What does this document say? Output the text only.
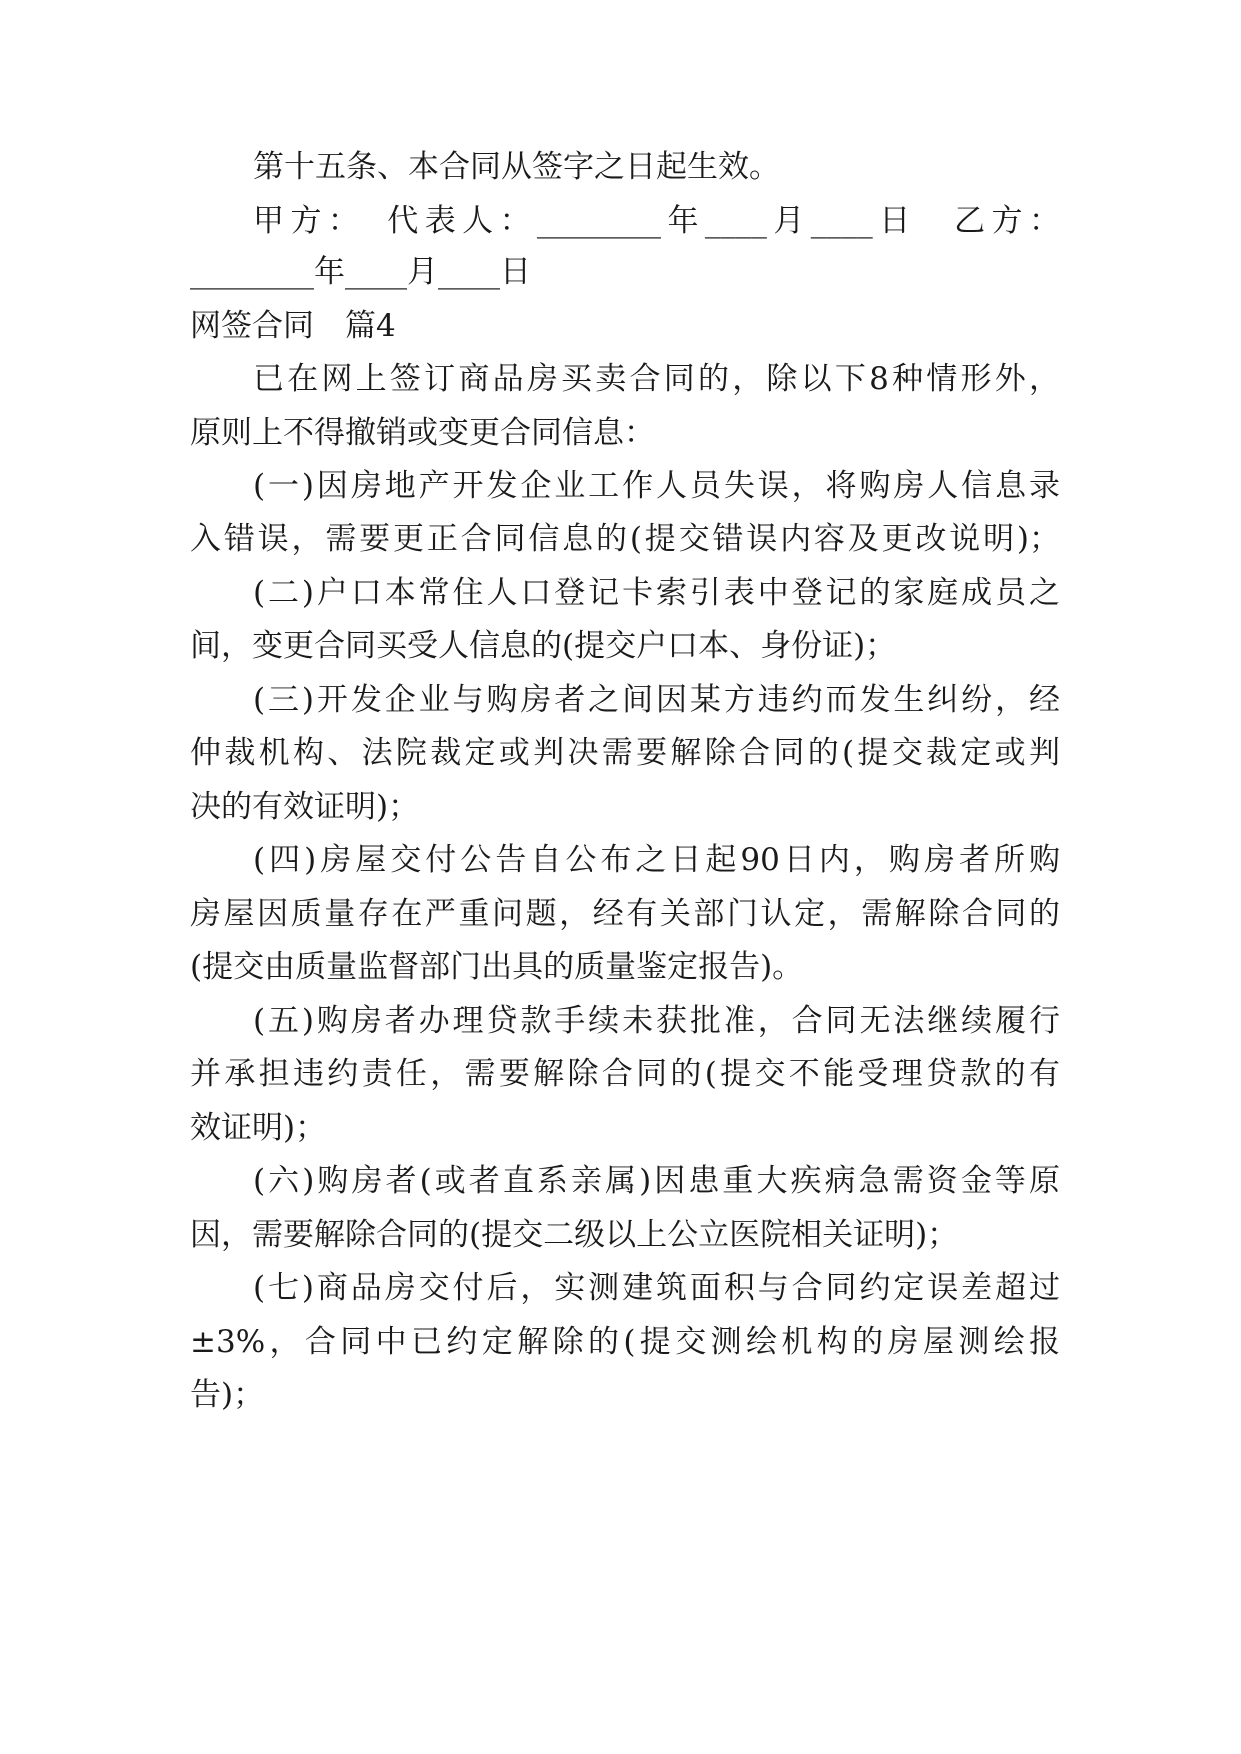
第十五条、本合同从签字之日起生效。
甲方：　代表人：________年____月____日　乙方：
________年____月____日
网签合同　篇4
已在网上签订商品房买卖合同的，除以下8种情形外，
原则上不得撤销或变更合同信息：
(一)因房地产开发企业工作人员失误，将购房人信息录
入错误，需要更正合同信息的(提交错误内容及更改说明)；
(二)户口本常住人口登记卡索引表中登记的家庭成员之
间，变更合同买受人信息的(提交户口本、身份证)；
(三)开发企业与购房者之间因某方违约而发生纠纷，经
仲裁机构、法院裁定或判决需要解除合同的(提交裁定或判
决的有效证明)；
(四)房屋交付公告自公布之日起90日内，购房者所购
房屋因质量存在严重问题，经有关部门认定，需解除合同的
(提交由质量监督部门出具的质量鉴定报告)。
(五)购房者办理贷款手续未获批准，合同无法继续履行
并承担违约责任，需要解除合同的(提交不能受理贷款的有
效证明)；
(六)购房者(或者直系亲属)因患重大疾病急需资金等原
因，需要解除合同的(提交二级以上公立医院相关证明)；
(七)商品房交付后，实测建筑面积与合同约定误差超过
±3%，合同中已约定解除的(提交测绘机构的房屋测绘报
告)；
